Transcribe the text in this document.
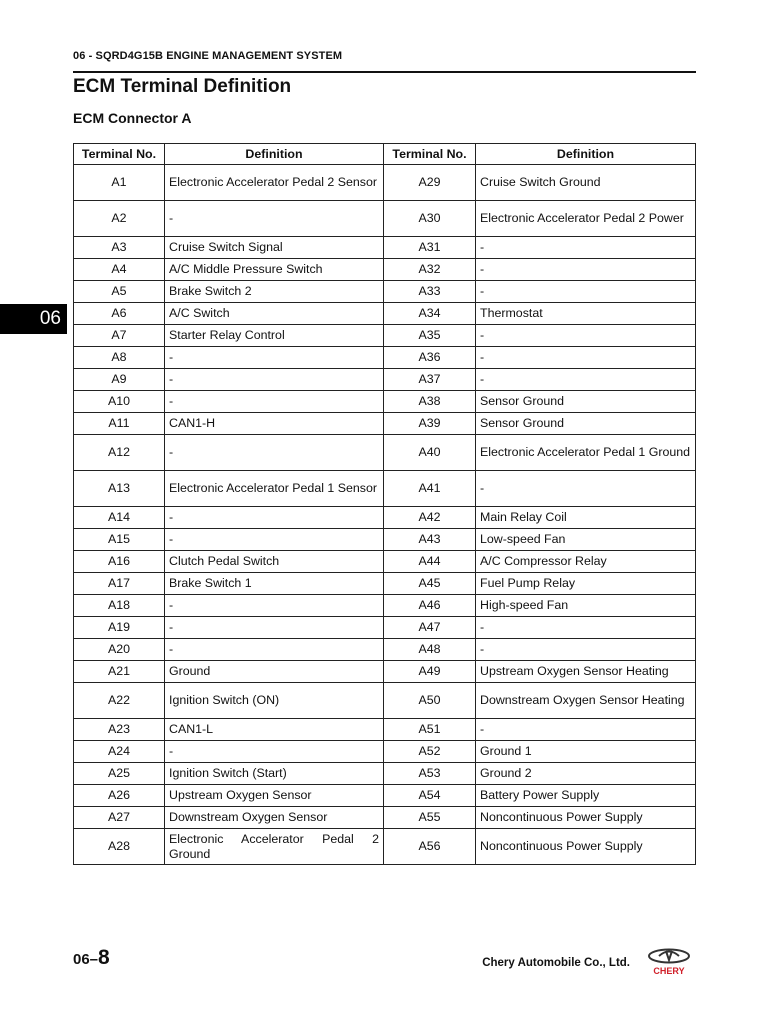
06 - SQRD4G15B ENGINE MANAGEMENT SYSTEM
ECM Terminal Definition
ECM Connector A
06
Terminal No.	Definition	Terminal No.	Definition
A1	Electronic Accelerator Pedal 2 Sensor	A29	Cruise Switch Ground
A2	-	A30	Electronic Accelerator Pedal 2 Power
A3	Cruise Switch Signal	A31	-
A4	A/C Middle Pressure Switch	A32	-
A5	Brake Switch 2	A33	-
A6	A/C Switch	A34	Thermostat
A7	Starter Relay Control	A35	-
A8	-	A36	-
A9	-	A37	-
A10	-	A38	Sensor Ground
A11	CAN1-H	A39	Sensor Ground
A12	-	A40	Electronic Accelerator Pedal 1 Ground
A13	Electronic Accelerator Pedal 1 Sensor	A41	-
A14	-	A42	Main Relay Coil
A15	-	A43	Low-speed Fan
A16	Clutch Pedal Switch	A44	A/C Compressor Relay
A17	Brake Switch 1	A45	Fuel Pump Relay
A18	-	A46	High-speed Fan
A19	-	A47	-
A20	-	A48	-
A21	Ground	A49	Upstream Oxygen Sensor Heating
A22	Ignition Switch (ON)	A50	Downstream Oxygen Sensor Heating
A23	CAN1-L	A51	-
A24	-	A52	Ground 1
A25	Ignition Switch (Start)	A53	Ground 2
A26	Upstream Oxygen Sensor	A54	Battery Power Supply
A27	Downstream Oxygen Sensor	A55	Noncontinuous Power Supply
A28	Electronic Accelerator Pedal 2 Ground	A56	Noncontinuous Power Supply
06–8	Chery Automobile Co., Ltd.
CHERY
